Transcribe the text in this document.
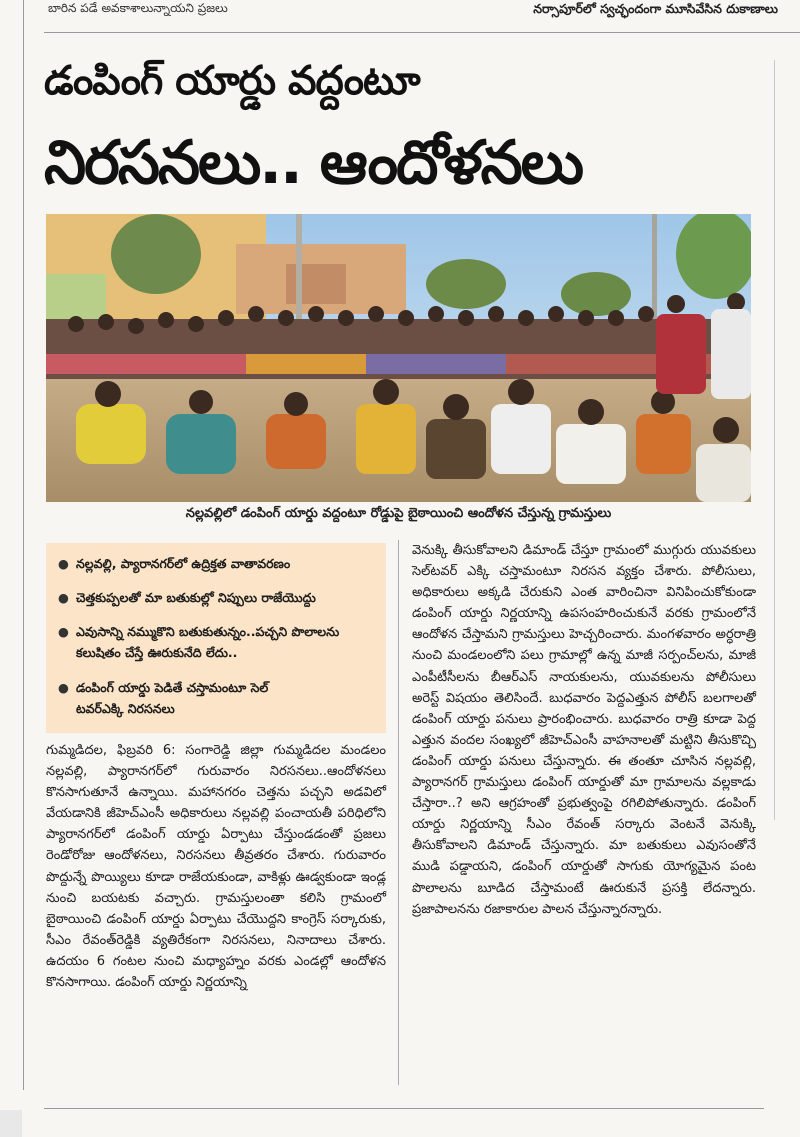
బారిన పడే అవకాశాలున్నాయని ప్రజలు	నర్సాపూర్‌లో స్వచ్ఛందంగా మూసివేసిన దుకాణాలు
డంపింగ్ యార్డు వద్దంటూ
నిరసనలు.. ఆందోళనలు
నల్లవల్లిలో డంపింగ్ యార్డు వద్దంటూ రోడ్డుపై బైఠాయించి ఆందోళన చేస్తున్న గ్రామస్తులు
● నల్లవల్లి, ప్యారానగర్‌లో ఉద్రిక్తత వాతావరణం
● చెత్తకుప్పలతో మా బతుకుల్లో నిప్పులు రాజేయొద్దు
● ఎవుసాన్ని నమ్ముకొని బతుకుతున్నం..పచ్చని పొలాలను కలుషితం చేస్తే ఊరుకునేది లేదు..
● డంపింగ్ యార్డు పెడితే చస్తామంటూ సెల్ టవర్‌ఎక్కి నిరసనలు
గుమ్మడిదల, ఫిబ్రవరి 6: సంగారెడ్డి జిల్లా గుమ్మడిదల మండలం నల్లవల్లి, ప్యారానగర్‌లో గురువారం నిరసనలు..ఆందోళనలు కొనసాగుతూనే ఉన్నాయి. మహానగరం చెత్తను పచ్చని అడవిలో వేయడానికి జీహెచ్ఎంసీ అధికారులు నల్లవల్లి పంచాయతీ పరిధిలోని ప్యారానగర్‌లో డంపింగ్ యార్డు ఏర్పాటు చేస్తుండడంతో ప్రజలు రెండోరోజు ఆందోళనలు, నిరసనలు తీవ్రతరం చేశారు. గురువారం పొద్దున్నే పొయ్యిలు కూడా రాజేయకుండా, వాకిళ్లు ఊడ్వకుండా ఇండ్ల నుంచి బయటకు వచ్చారు. గ్రామస్తులంతా కలిసి గ్రామంలో బైఠాయించి డంపింగ్ యార్డు ఏర్పాటు చేయొద్దని కాంగ్రెస్ సర్కారుకు, సీఎం రేవంత్‌రెడ్డికి వ్యతిరేకంగా నిరసనలు, నినాదాలు చేశారు. ఉదయం 6 గంటల నుంచి మధ్యాహ్నం వరకు ఎండల్లో ఆందోళన కొనసాగాయి. డంపింగ్ యార్డు నిర్ణయాన్ని
వెనుక్కి తీసుకోవాలని డిమాండ్ చేస్తూ గ్రామంలో ముగ్గురు యువకులు సెల్‌టవర్ ఎక్కి చస్తామంటూ నిరసన వ్యక్తం చేశారు. పోలీసులు, అధికారులు అక్కడి చేరుకుని ఎంత వారించినా వినిపించుకోకుండా డంపింగ్ యార్డు నిర్ణయాన్ని ఉపసంహరించుకునే వరకు గ్రామంలోనే ఆందోళన చేస్తామని గ్రామస్తులు హెచ్చరించారు. మంగళవారం అర్ధరాత్రి నుంచి మండలంలోని పలు గ్రామాల్లో ఉన్న మాజీ సర్పంచ్‌లను, మాజీ ఎంపీటీసీలను బీఆర్ఎస్ నాయకులను, యువకులను పోలీసులు అరెస్ట్ విషయం తెలిసిందే. బుధవారం పెద్దఎత్తున పోలీస్ బలగాలతో డంపింగ్ యార్డు పనులు ప్రారంభించారు. బుధవారం రాత్రి కూడా పెద్ద ఎత్తున వందల సంఖ్యలో జీహెచ్ఎంసీ వాహనాలతో మట్టిని తీసుకొచ్చి డంపింగ్ యార్డు పనులు చేస్తున్నారు. ఈ తంతూ చూసిన నల్లవల్లి, ప్యారానగర్ గ్రామస్తులు డంపింగ్ యార్డుతో మా గ్రామాలను వల్లకాడు చేస్తారా..? అని ఆగ్రహంతో ప్రభుత్వంపై రగిలిపోతున్నారు. డంపింగ్ యార్డు నిర్ణయాన్ని సీఎం రేవంత్ సర్కారు వెంటనే వెనుక్కి తీసుకోవాలని డిమాండ్ చేస్తున్నారు. మా బతుకులు ఎవుసంతోనే ముడి పడ్డాయని, డంపింగ్ యార్డుతో సాగుకు యోగ్యమైన పంట పొలాలను బూడిద చేస్తామంటే ఊరుకునే ప్రసక్తి లేదన్నారు. ప్రజాపాలనను రజాకారుల పాలన చేస్తున్నారన్నారు.
